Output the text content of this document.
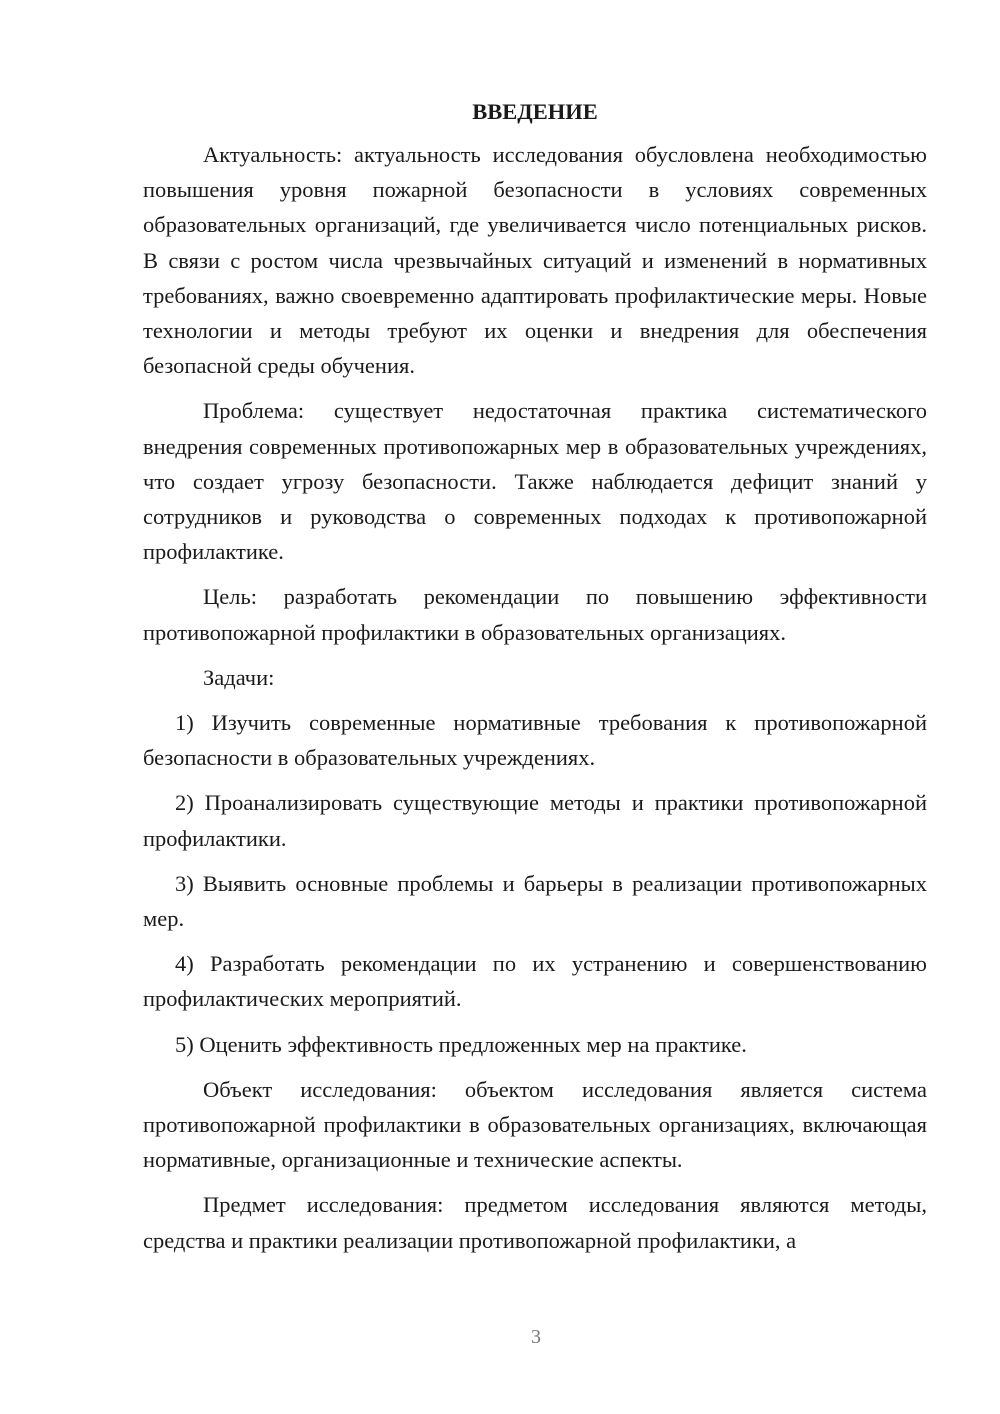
ВВЕДЕНИЕ

Актуальность: актуальность исследования обусловлена необходимостью повышения уровня пожарной безопасности в условиях современных образовательных организаций, где увеличивается число потенциальных рисков. В связи с ростом числа чрезвычайных ситуаций и изменений в нормативных требованиях, важно своевременно адаптировать профилактические меры. Новые технологии и методы требуют их оценки и внедрения для обеспечения безопасной среды обучения.

Проблема: существует недостаточная практика систематического внедрения современных противопожарных мер в образовательных учреждениях, что создает угрозу безопасности. Также наблюдается дефицит знаний у сотрудников и руководства о современных подходах к противопожарной профилактике.

Цель: разработать рекомендации по повышению эффективности противопожарной профилактики в образовательных организациях.

Задачи:

1) Изучить современные нормативные требования к противопожарной безопасности в образовательных учреждениях.

2) Проанализировать существующие методы и практики противопожарной профилактики.

3) Выявить основные проблемы и барьеры в реализации противопожарных мер.

4) Разработать рекомендации по их устранению и совершенствованию профилактических мероприятий.

5) Оценить эффективность предложенных мер на практике.

Объект исследования: объектом исследования является система противопожарной профилактики в образовательных организациях, включающая нормативные, организационные и технические аспекты.

Предмет исследования: предметом исследования являются методы, средства и практики реализации противопожарной профилактики, а

3
